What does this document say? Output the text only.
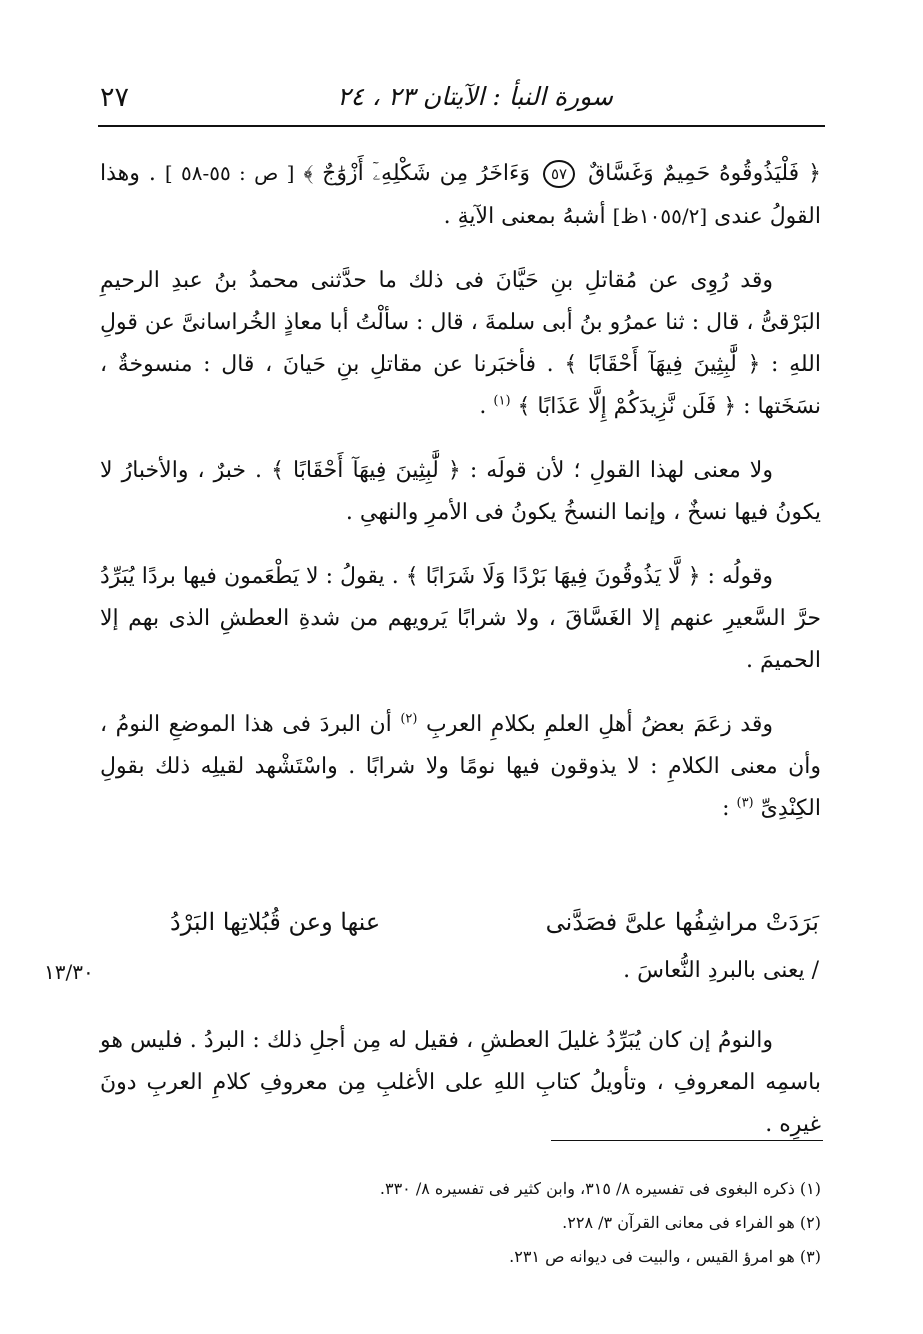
سورة النبأ : الآيتان ٢٣ ، ٢٤
٢٧

﴿ فَلْيَذُوقُوهُ حَمِيمٌ وَغَسَّاقٌ ٥٧ وَءَاخَرُ مِن شَكْلِهِۦٓ أَزْوَٰجٌ ﴾ [ ص : ٥٥-٥٨ ] . وهذا القولُ عندى [١٠٥٥/٢ظ] أشبهُ بمعنى الآيةِ .

وقد رُوِى عن مُقاتلِ بنِ حَيَّانَ فى ذلك ما حدَّثنى محمدُ بنُ عبدِ الرحيمِ البَرْقىُّ ، قال : ثنا عمرُو بنُ أبى سلمةَ ، قال : سألْتُ أبا معاذٍ الخُراسانىَّ عن قولِ اللهِ : ﴿ لَّٰبِثِينَ فِيهَآ أَحْقَابًا ﴾ . فأخبَرنا عن مقاتلِ بنِ حَيانَ ، قال : منسوخةٌ ، نسَخَتها : ﴿ فَلَن نَّزِيدَكُمْ إِلَّا عَذَابًا ﴾ $^{(١)}$ .

ولا معنى لهذا القولِ ؛ لأن قولَه : ﴿ لَّٰبِثِينَ فِيهَآ أَحْقَابًا ﴾ . خبرٌ ، والأخبارُ لا يكونُ فيها نسخٌ ، وإنما النسخُ يكونُ فى الأمرِ والنهىِ .

وقولُه : ﴿ لَّا يَذُوقُونَ فِيهَا بَرْدًا وَلَا شَرَابًا ﴾ . يقولُ : لا يَطْعَمون فيها بردًا يُبَرِّدُ حرَّ السَّعيرِ عنهم إلا الغَسَّاقَ ، ولا شرابًا يَرويهم من شدةِ العطشِ الذى بهم إلا الحميمَ .

وقد زعَمَ بعضُ أهلِ العلمِ بكلامِ العربِ $^{(٢)}$ أن البردَ فى هذا الموضعِ النومُ ، وأن معنى الكلامِ : لا يذوقون فيها نومًا ولا شرابًا . واسْتَشْهد لقيلِه ذلك بقولِ الكِنْدِىِّ $^{(٣)}$ :

بَرَدَتْ مراشِفُها علىَّ فصَدَّنى
عنها وعن قُبُلاتِها البَرْدُ
١٣/٣٠	/ يعنى بالبردِ النُّعاسَ .

والنومُ إن كان يُبَرِّدُ غليلَ العطشِ ، فقيل له مِن أجلِ ذلك : البردُ . فليس هو باسمِه المعروفِ ، وتأويلُ كتابِ اللهِ على الأغلبِ مِن معروفِ كلامِ العربِ دونَ غيرِه .

(١) ذكره البغوى فى تفسيره ٨/ ٣١٥، وابن كثير فى تفسيره ٨/ ٣٣٠.
(٢) هو الفراء فى معانى القرآن ٣/ ٢٢٨.
(٣) هو امرؤ القيس ، والبيت فى ديوانه ص ٢٣١.
